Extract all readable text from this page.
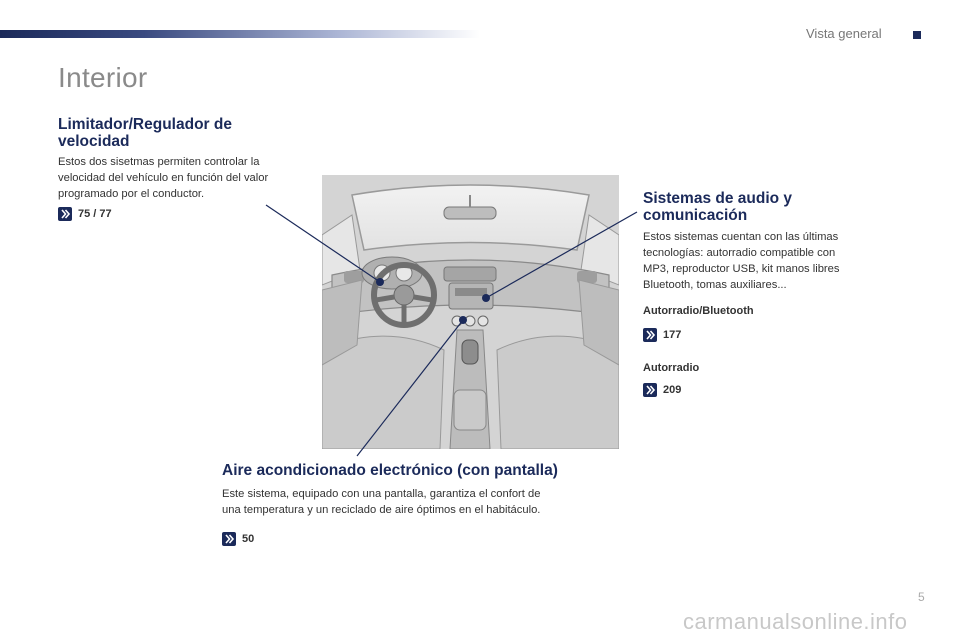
Vista general
Interior
Limitador/Regulador de
velocidad
Estos dos sisetmas permiten controlar la
velocidad del vehículo en función del valor
programado por el conductor.
75 / 77
Sistemas de audio y
comunicación
Estos sistemas cuentan con las últimas
tecnologías: autorradio compatible con
MP3, reproductor USB, kit manos libres
Bluetooth, tomas auxiliares...
Autorradio/Bluetooth
177
Autorradio
209
Aire acondicionado electrónico (con pantalla)
Este sistema, equipado con una pantalla, garantiza el confort de
una temperatura y un reciclado de aire óptimos en el habitáculo.
50
5
carmanualsonline.info
